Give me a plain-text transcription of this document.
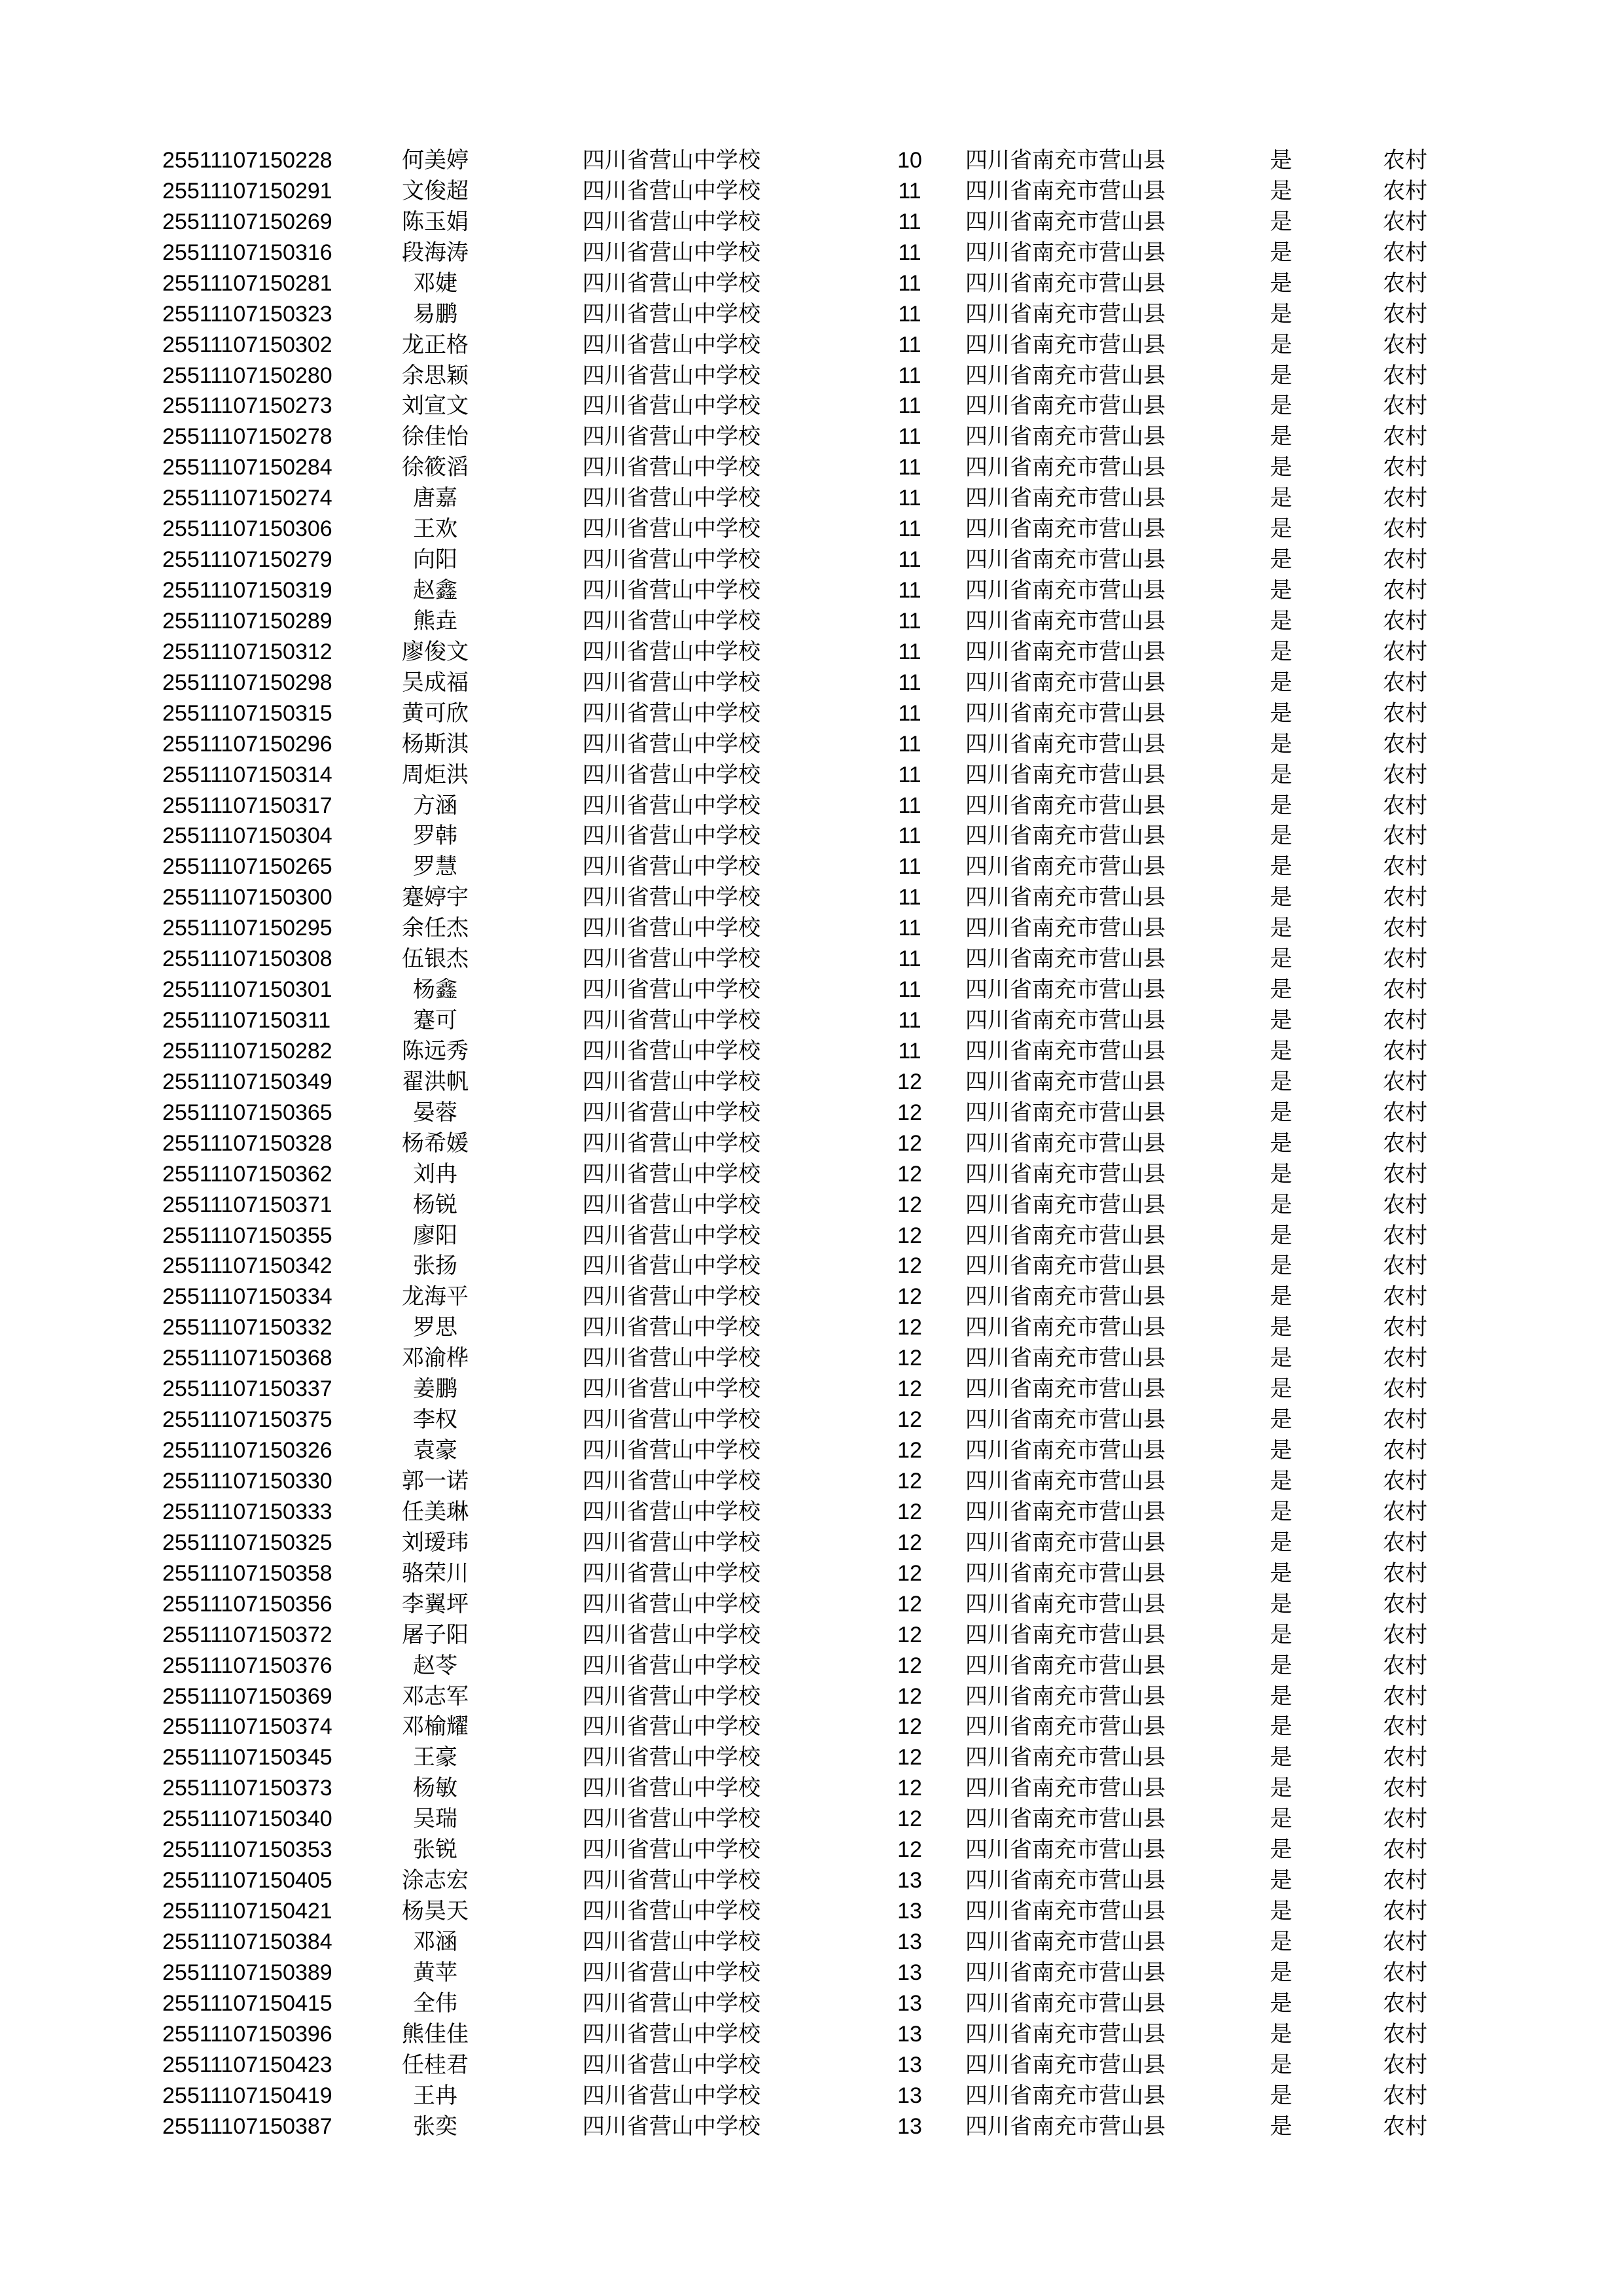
25511107150228	何美婷	四川省营山中学校	10	四川省南充市营山县	是	农村
25511107150291	文俊超	四川省营山中学校	11	四川省南充市营山县	是	农村
25511107150269	陈玉娟	四川省营山中学校	11	四川省南充市营山县	是	农村
25511107150316	段海涛	四川省营山中学校	11	四川省南充市营山县	是	农村
25511107150281	邓婕	四川省营山中学校	11	四川省南充市营山县	是	农村
25511107150323	易鹏	四川省营山中学校	11	四川省南充市营山县	是	农村
25511107150302	龙正格	四川省营山中学校	11	四川省南充市营山县	是	农村
25511107150280	余思颖	四川省营山中学校	11	四川省南充市营山县	是	农村
25511107150273	刘宣文	四川省营山中学校	11	四川省南充市营山县	是	农村
25511107150278	徐佳怡	四川省营山中学校	11	四川省南充市营山县	是	农村
25511107150284	徐筱滔	四川省营山中学校	11	四川省南充市营山县	是	农村
25511107150274	唐嘉	四川省营山中学校	11	四川省南充市营山县	是	农村
25511107150306	王欢	四川省营山中学校	11	四川省南充市营山县	是	农村
25511107150279	向阳	四川省营山中学校	11	四川省南充市营山县	是	农村
25511107150319	赵鑫	四川省营山中学校	11	四川省南充市营山县	是	农村
25511107150289	熊垚	四川省营山中学校	11	四川省南充市营山县	是	农村
25511107150312	廖俊文	四川省营山中学校	11	四川省南充市营山县	是	农村
25511107150298	吴成福	四川省营山中学校	11	四川省南充市营山县	是	农村
25511107150315	黄可欣	四川省营山中学校	11	四川省南充市营山县	是	农村
25511107150296	杨斯淇	四川省营山中学校	11	四川省南充市营山县	是	农村
25511107150314	周炬洪	四川省营山中学校	11	四川省南充市营山县	是	农村
25511107150317	方涵	四川省营山中学校	11	四川省南充市营山县	是	农村
25511107150304	罗韩	四川省营山中学校	11	四川省南充市营山县	是	农村
25511107150265	罗慧	四川省营山中学校	11	四川省南充市营山县	是	农村
25511107150300	蹇婷宇	四川省营山中学校	11	四川省南充市营山县	是	农村
25511107150295	余任杰	四川省营山中学校	11	四川省南充市营山县	是	农村
25511107150308	伍银杰	四川省营山中学校	11	四川省南充市营山县	是	农村
25511107150301	杨鑫	四川省营山中学校	11	四川省南充市营山县	是	农村
25511107150311	蹇可	四川省营山中学校	11	四川省南充市营山县	是	农村
25511107150282	陈远秀	四川省营山中学校	11	四川省南充市营山县	是	农村
25511107150349	翟洪帆	四川省营山中学校	12	四川省南充市营山县	是	农村
25511107150365	晏蓉	四川省营山中学校	12	四川省南充市营山县	是	农村
25511107150328	杨希媛	四川省营山中学校	12	四川省南充市营山县	是	农村
25511107150362	刘冉	四川省营山中学校	12	四川省南充市营山县	是	农村
25511107150371	杨锐	四川省营山中学校	12	四川省南充市营山县	是	农村
25511107150355	廖阳	四川省营山中学校	12	四川省南充市营山县	是	农村
25511107150342	张扬	四川省营山中学校	12	四川省南充市营山县	是	农村
25511107150334	龙海平	四川省营山中学校	12	四川省南充市营山县	是	农村
25511107150332	罗思	四川省营山中学校	12	四川省南充市营山县	是	农村
25511107150368	邓渝桦	四川省营山中学校	12	四川省南充市营山县	是	农村
25511107150337	姜鹏	四川省营山中学校	12	四川省南充市营山县	是	农村
25511107150375	李权	四川省营山中学校	12	四川省南充市营山县	是	农村
25511107150326	袁豪	四川省营山中学校	12	四川省南充市营山县	是	农村
25511107150330	郭一诺	四川省营山中学校	12	四川省南充市营山县	是	农村
25511107150333	任美琳	四川省营山中学校	12	四川省南充市营山县	是	农村
25511107150325	刘瑷玮	四川省营山中学校	12	四川省南充市营山县	是	农村
25511107150358	骆荣川	四川省营山中学校	12	四川省南充市营山县	是	农村
25511107150356	李翼坪	四川省营山中学校	12	四川省南充市营山县	是	农村
25511107150372	屠子阳	四川省营山中学校	12	四川省南充市营山县	是	农村
25511107150376	赵苓	四川省营山中学校	12	四川省南充市营山县	是	农村
25511107150369	邓志军	四川省营山中学校	12	四川省南充市营山县	是	农村
25511107150374	邓榆耀	四川省营山中学校	12	四川省南充市营山县	是	农村
25511107150345	王豪	四川省营山中学校	12	四川省南充市营山县	是	农村
25511107150373	杨敏	四川省营山中学校	12	四川省南充市营山县	是	农村
25511107150340	吴瑞	四川省营山中学校	12	四川省南充市营山县	是	农村
25511107150353	张锐	四川省营山中学校	12	四川省南充市营山县	是	农村
25511107150405	涂志宏	四川省营山中学校	13	四川省南充市营山县	是	农村
25511107150421	杨昊天	四川省营山中学校	13	四川省南充市营山县	是	农村
25511107150384	邓涵	四川省营山中学校	13	四川省南充市营山县	是	农村
25511107150389	黄苹	四川省营山中学校	13	四川省南充市营山县	是	农村
25511107150415	全伟	四川省营山中学校	13	四川省南充市营山县	是	农村
25511107150396	熊佳佳	四川省营山中学校	13	四川省南充市营山县	是	农村
25511107150423	任桂君	四川省营山中学校	13	四川省南充市营山县	是	农村
25511107150419	王冉	四川省营山中学校	13	四川省南充市营山县	是	农村
25511107150387	张奕	四川省营山中学校	13	四川省南充市营山县	是	农村
